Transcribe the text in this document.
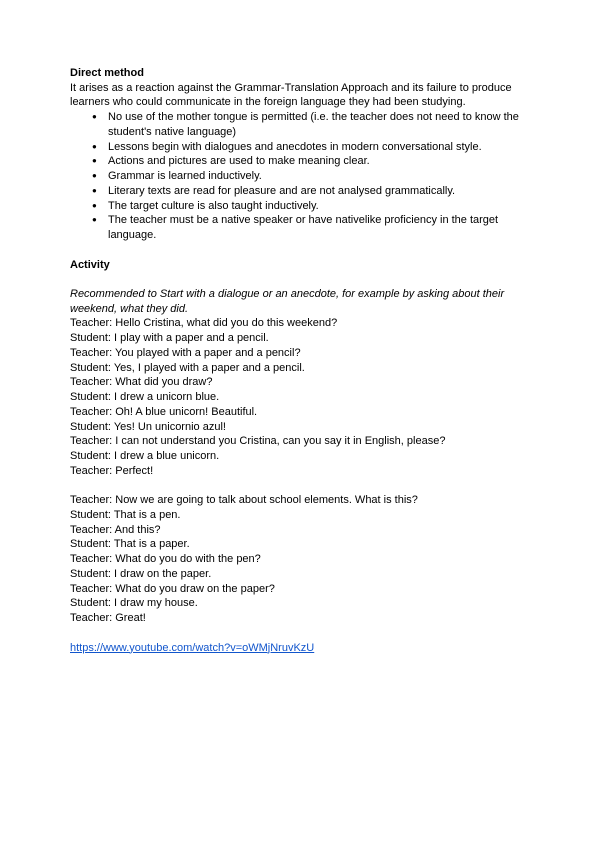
Direct method

It arises as a reaction against the Grammar-Translation Approach and its failure to produce learners who could communicate in the foreign language they had been studying.

● No use of the mother tongue is permitted (i.e. the teacher does not need to know the student's native language)
● Lessons begin with dialogues and anecdotes in modern conversational style.
● Actions and pictures are used to make meaning clear.
● Grammar is learned inductively.
● Literary texts are read for pleasure and are not analysed grammatically.
● The target culture is also taught inductively.
● The teacher must be a native speaker or have nativelike proficiency in the target language.

Activity

Recommended to Start with a dialogue or an anecdote, for example by asking about their weekend, what they did.

Teacher: Hello Cristina, what did you do this weekend?
Student: I play with a paper and a pencil.
Teacher: You played with a paper and a pencil?
Student: Yes, I played with a paper and a pencil.
Teacher: What did you draw?
Student: I drew a unicorn blue.
Teacher: Oh! A blue unicorn! Beautiful.
Student: Yes! Un unicornio azul!
Teacher: I can not understand you Cristina, can you say it in English, please?
Student: I drew a blue unicorn.
Teacher: Perfect!
Teacher: Now we are going to talk about school elements. What is this?
Student: That is a pen.
Teacher: And this?
Student: That is a paper.
Teacher: What do you do with the pen?
Student: I draw on the paper.
Teacher: What do you draw on the paper?
Student: I draw my house.
Teacher: Great!

https://www.youtube.com/watch?v=oWMjNruvKzU
